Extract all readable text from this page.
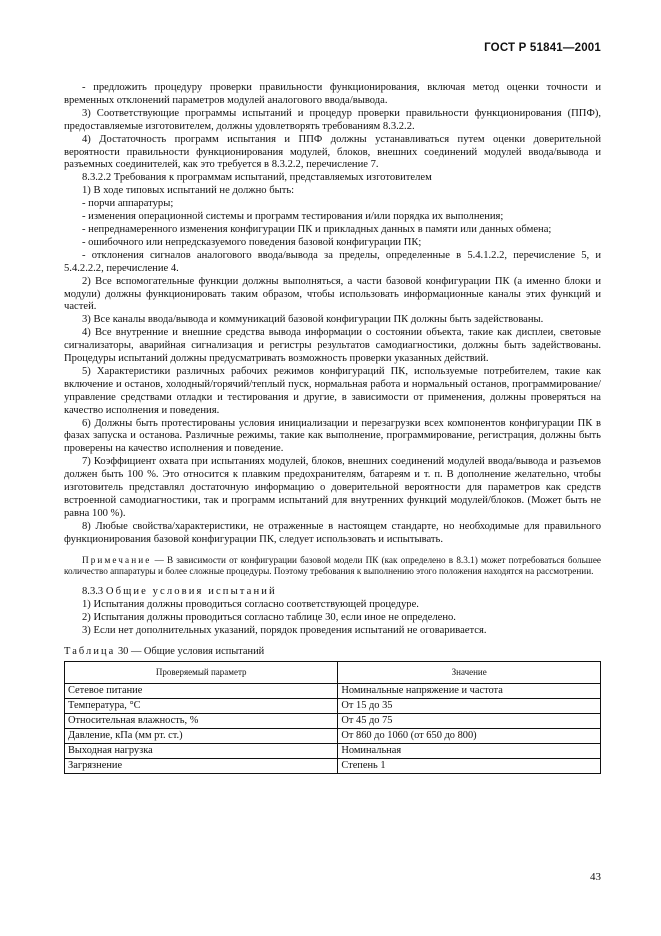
ГОСТ Р 51841—2001

- предложить процедуру проверки правильности функционирования, включая метод оценки точности и временных отклонений параметров модулей аналогового ввода/вывода.

3) Соответствующие программы испытаний и процедур проверки правильности функционирования (ППФ), предоставляемые изготовителем, должны удовлетворять требованиям 8.3.2.2.

4) Достаточность программ испытания и ППФ должны устанавливаться путем оценки доверительной вероятности правильности функционирования модулей, блоков, внешних соединений модулей ввода/вывода и разъемных соединителей, как это требуется в 8.3.2.2, перечисление 7.

8.3.2.2 Требования к программам испытаний, представляемых изготовителем

1) В ходе типовых испытаний не должно быть:

- порчи аппаратуры;

- изменения операционной системы и программ тестирования и/или порядка их выполнения;

- непреднамеренного изменения конфигурации ПК и прикладных данных в памяти или данных обмена;

- ошибочного или непредсказуемого поведения базовой конфигурации ПК;

- отклонения сигналов аналогового ввода/вывода за пределы, определенные в 5.4.1.2.2, перечисление 5, и 5.4.2.2.2, перечисление 4.

2) Все вспомогательные функции должны выполняться, а части базовой конфигурации ПК (а именно блоки и модули) должны функционировать таким образом, чтобы использовать информационные каналы этих функций и частей.

3) Все каналы ввода/вывода и коммуникаций базовой конфигурации ПК должны быть задействованы.

4) Все внутренние и внешние средства вывода информации о состоянии объекта, такие как дисплеи, световые сигнализаторы, аварийная сигнализация и регистры результатов самодиагностики, должны быть задействованы. Процедуры испытаний должны предусматривать возможность проверки указанных действий.

5) Характеристики различных рабочих режимов конфигураций ПК, используемые потребителем, такие как включение и останов, холодный/горячий/теплый пуск, нормальная работа и нормальный останов, программирование/управление средствами отладки и тестирования и другие, в зависимости от применения, должны проверяться на качество исполнения и поведения.

6) Должны быть протестированы условия инициализации и перезагрузки всех компонентов конфигурации ПК в фазах запуска и останова. Различные режимы, такие как выполнение, программирование, регистрация, должны быть проверены на качество исполнения и поведение.

7) Коэффициент охвата при испытаниях модулей, блоков, внешних соединений модулей ввода/вывода и разъемов должен быть 100 %. Это относится к плавким предохранителям, батареям и т. п. В дополнение желательно, чтобы изготовитель представлял достаточную информацию о доверительной вероятности для параметров как средств встроенной самодиагностики, так и программ испытаний для внутренних функций модулей/блоков. (Может быть не равна 100 %).

8) Любые свойства/характеристики, не отраженные в настоящем стандарте, но необходимые для правильного функционирования базовой конфигурации ПК, следует использовать и испытывать.

Примечание — В зависимости от конфигурации базовой модели ПК (как определено в 8.3.1) может потребоваться большее количество аппаратуры и более сложные процедуры. Поэтому требования к выполнению этого положения находятся на рассмотрении.

8.3.3 Общие условия испытаний

1) Испытания должны проводиться согласно соответствующей процедуре.

2) Испытания должны проводиться согласно таблице 30, если иное не определено.

3) Если нет дополнительных указаний, порядок проведения испытаний не оговаривается.

Таблица 30 — Общие условия испытаний
Проверяемый параметр	Значение
Сетевое питание	Номинальные напряжение и частота
Температура, °С	От 15 до 35
Относительная влажность, %	От 45 до 75
Давление, кПа (мм рт. ст.)	От 860 до 1060 (от 650 до 800)
Выходная нагрузка	Номинальная
Загрязнение	Степень 1
43
